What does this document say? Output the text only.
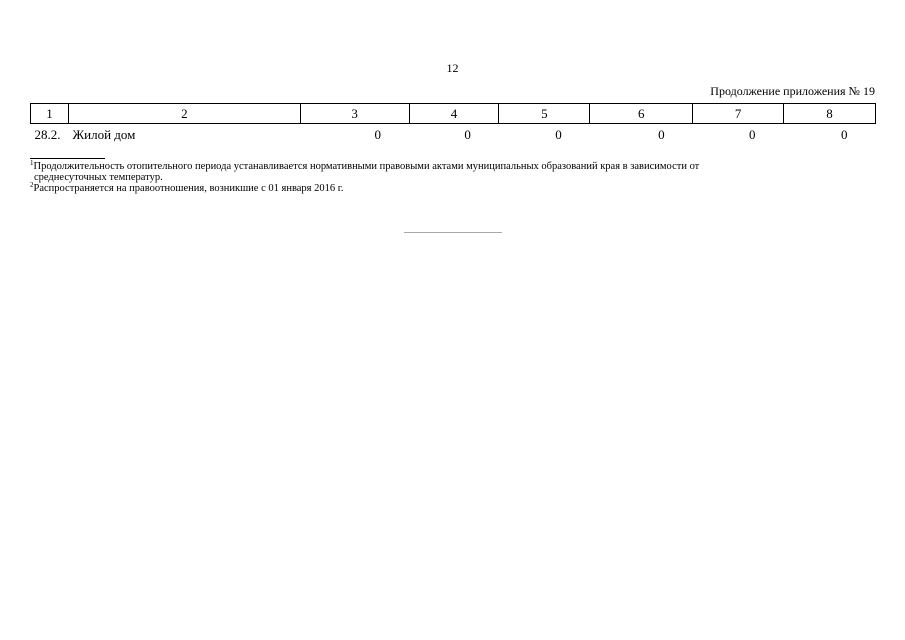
12
Продолжение приложения № 19
1	2	3	4	5	6	7	8
28.2.	Жилой дом	0	0	0	0	0	0
$^1$Продолжительность отопительного периода устанавливается нормативными правовыми актами муниципальных образований края в зависимости от
среднесуточных температур.
$^2$Распространяется на правоотношения, возникшие с 01 января 2016 г.
